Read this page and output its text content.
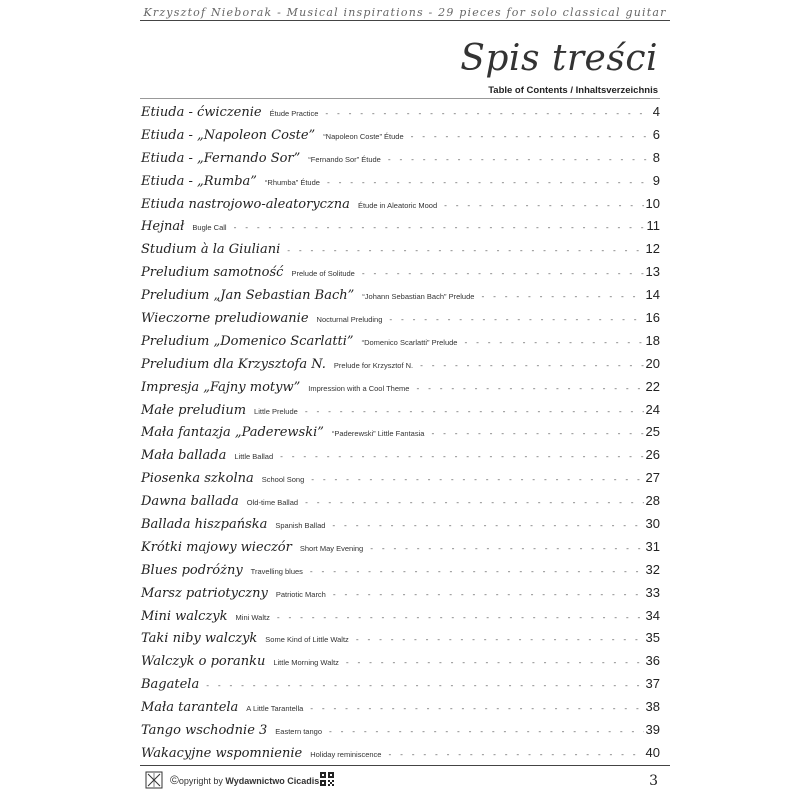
Krzysztof Nieborak - Musical inspirations - 29 pieces for solo classical guitar
Spis treści
Table of Contents / Inhaltsverzeichnis
Etiuda - ćwiczenie Étude Practice - - -	4
Etiuda - „Napoleon Coste” “Napoleon Coste” Étude - - -	6
Etiuda - „Fernando Sor” “Fernando Sor” Étude - - -	8
Etiuda - „Rumba” “Rhumba” Étude - - -	9
Etiuda nastrojowo-aleatoryczna Étude in Aleatoric Mood - - -	10
Hejnał Bugle Call - - -	11
Studium à la Giuliani - - -	12
Preludium samotność Prelude of Solitude - - -	13
Preludium „Jan Sebastian Bach” “Johann Sebastian Bach” Prelude - - -	14
Wieczorne preludiowanie Nocturnal Preluding - - -	16
Preludium „Domenico Scarlatti” “Domenico Scarlatti” Prelude - - -	18
Preludium dla Krzysztofa N. Prelude for Krzysztof N. - - -	20
Impresja „Fajny motyw” Impression with a Cool Theme - - -	22
Małe preludium Little Prelude - - -	24
Mała fantazja „Paderewski” “Paderewski” Little Fantasia - - -	25
Mała ballada Little Ballad - - -	26
Piosenka szkolna School Song - - -	27
Dawna ballada Old-time Ballad - - -	28
Ballada hiszpańska Spanish Ballad - - -	30
Krótki majowy wieczór Short May Evening - - -	31
Blues podróżny Travelling blues - - -	32
Marsz patriotyczny Patriotic March - - -	33
Mini walczyk Mini Waltz - - -	34
Taki niby walczyk Some Kind of Little Waltz - - -	35
Walczyk o poranku Little Morning Waltz - - -	36
Bagatela - - -	37
Mała tarantela A Little Tarantella - - -	38
Tango wschodnie 3 Eastern tango - - -	39
Wakacyjne wspomnienie Holiday reminiscence - - -	40
©opyright by Wydawnictwo Cicadis	3
